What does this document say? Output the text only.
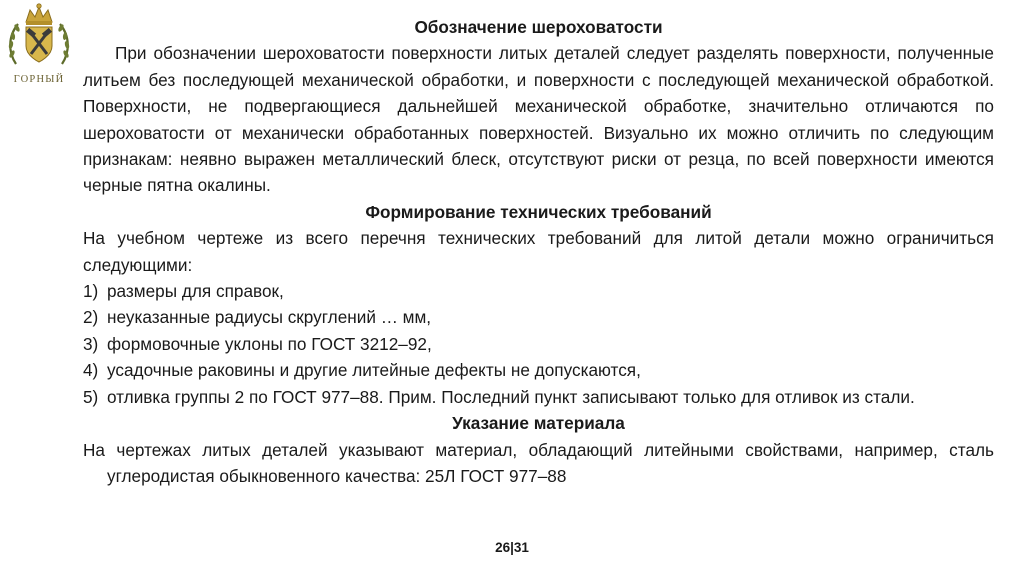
ГОРНЫЙ

Обозначение шероховатости

При обозначении шероховатости поверхности литых деталей следует разделять поверхности, полученные литьем без последующей механической обработки, и поверхности с последующей механической обработкой. Поверхности, не подвергающиеся дальнейшей механической обработке, значительно отличаются по шероховатости от механически обработанных поверхностей. Визуально их можно отличить по следующим признакам: неявно выражен металлический блеск, отсутствуют риски от резца, по всей поверхности имеются черные пятна окалины.

Формирование технических требований

На учебном чертеже из всего перечня технических требований для литой детали можно ограничиться следующими:

1) размеры для справок,
2) неуказанные радиусы скруглений … мм,
3) формовочные уклоны по ГОСТ 3212–92,
4) усадочные раковины и другие литейные дефекты не допускаются,
5) отливка группы 2 по ГОСТ 977–88. Прим. Последний пункт записывают только для отливок из стали.

Указание материала

На чертежах литых деталей указывают материал, обладающий литейными свойствами, например, сталь углеродистая обыкновенного качества: 25Л ГОСТ 977–88

26|31
